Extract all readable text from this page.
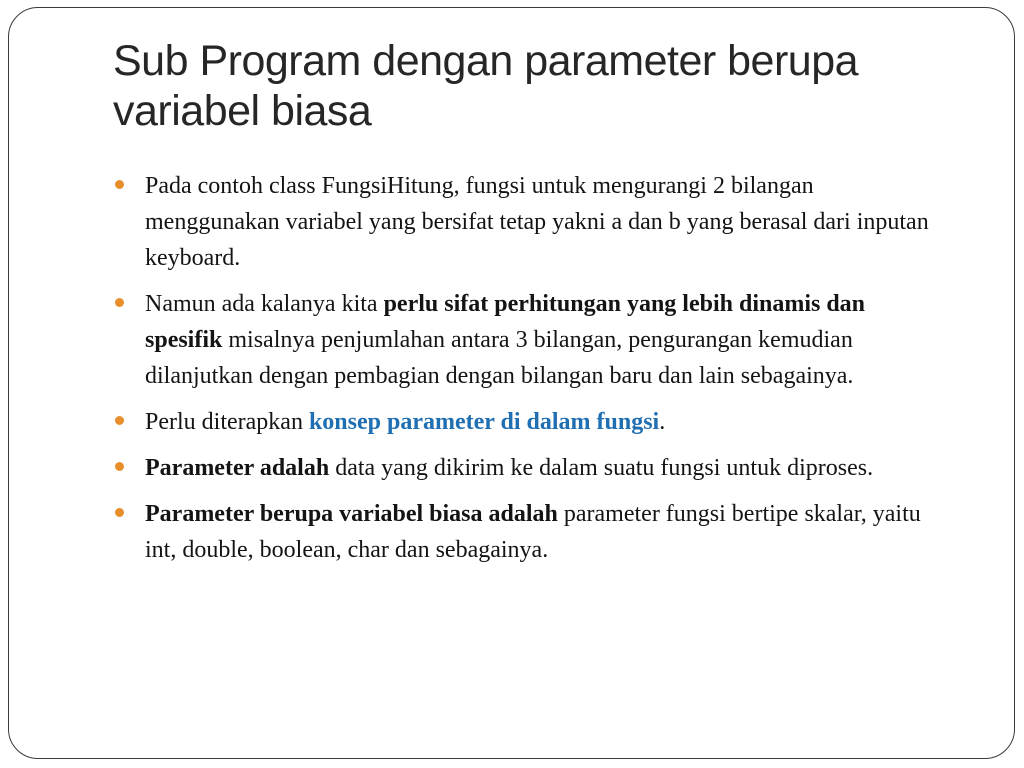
Sub Program dengan parameter berupa variabel biasa
Pada contoh class FungsiHitung, fungsi untuk mengurangi 2 bilangan menggunakan variabel yang bersifat tetap yakni a dan b yang berasal dari inputan keyboard.
Namun ada kalanya kita perlu sifat perhitungan yang lebih dinamis dan spesifik misalnya penjumlahan antara 3 bilangan, pengurangan kemudian dilanjutkan dengan pembagian dengan bilangan baru dan lain sebagainya.
Perlu diterapkan konsep parameter di dalam fungsi.
Parameter adalah data yang dikirim ke dalam suatu fungsi untuk diproses.
Parameter berupa variabel biasa adalah parameter fungsi bertipe skalar, yaitu int, double, boolean, char dan sebagainya.
